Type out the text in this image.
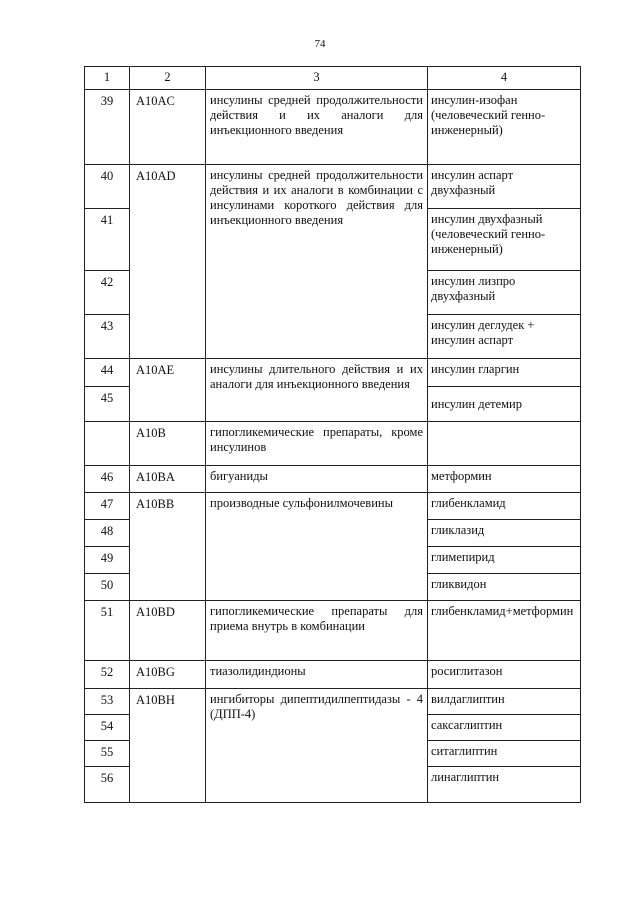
74
1	2	3	4
39	A10AC	инсулины средней продолжительности действия и их аналоги для инъекционного введения	инсулин-изофан (человеческий генно-инженерный)
40	A10AD	инсулины средней продолжительности действия и их аналоги в комбинации с инсулинами короткого действия для инъекционного введения	инсулин аспарт двухфазный
41			инсулин двухфазный (человеческий генно-инженерный)
42			инсулин лизпро двухфазный
43			инсулин деглудек + инсулин аспарт
44	A10AE	инсулины длительного действия и их аналоги для инъекционного введения	инсулин гларгин
45			инсулин детемир
	A10B	гипогликемические препараты, кроме инсулинов	
46	A10BA	бигуаниды	метформин
47	A10BB	производные сульфонилмочевины	глибенкламид
48			гликлазид
49			глимепирид
50			гликвидон
51	A10BD	гипогликемические препараты для приема внутрь в комбинации	глибенкламид+метформин
52	A10BG	тиазолидиндионы	росиглитазон
53	A10BH	ингибиторы дипептидилпептидазы - 4 (ДПП-4)	вилдаглиптин
54			саксаглиптин
55			ситаглиптин
56			линаглиптин
